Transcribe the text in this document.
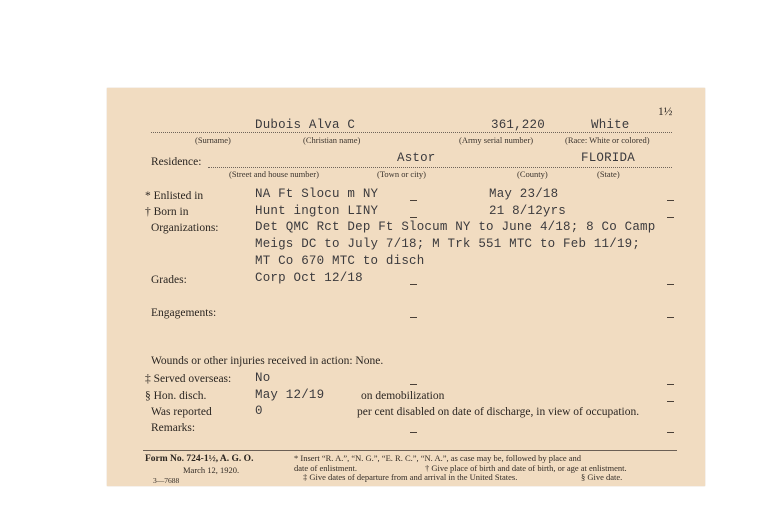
1½
Dubois Alva C	361,220	White
(Surname)	(Christian name)	(Army serial number)	(Race: White or colored)
Residence:	Astor	FLORIDA
(Street and house number)	(Town or city)	(County)	(State)
* Enlisted in	NA Ft Slocu m NY	May 23/18
† Born in	Hunt ington LINY	21 8/12yrs
Organizations:	Det QMC Rct Dep Ft Slocum NY to June 4/18; 8 Co Camp
Meigs DC to July 7/18; M Trk 551 MTC to Feb 11/19;
MT Co 670 MTC to disch
Grades:	Corp Oct 12/18
Engagements:
Wounds or other injuries received in action: None.
‡ Served overseas: No
§ Hon. disch.	May 12/19	on demobilization
Was reported	0	per cent disabled on date of discharge, in view of occupation.
Remarks:
Form No. 724-1½, A. G. O.
March 12, 1920.
3—7688
* Insert “R. A.”, “N. G.”, “E. R. C.”, “N. A.”, as case may be, followed by place and
date of enlistment.	† Give place of birth and date of birth, or age at enlistment.
‡ Give dates of departure from and arrival in the United States.	§ Give date.
